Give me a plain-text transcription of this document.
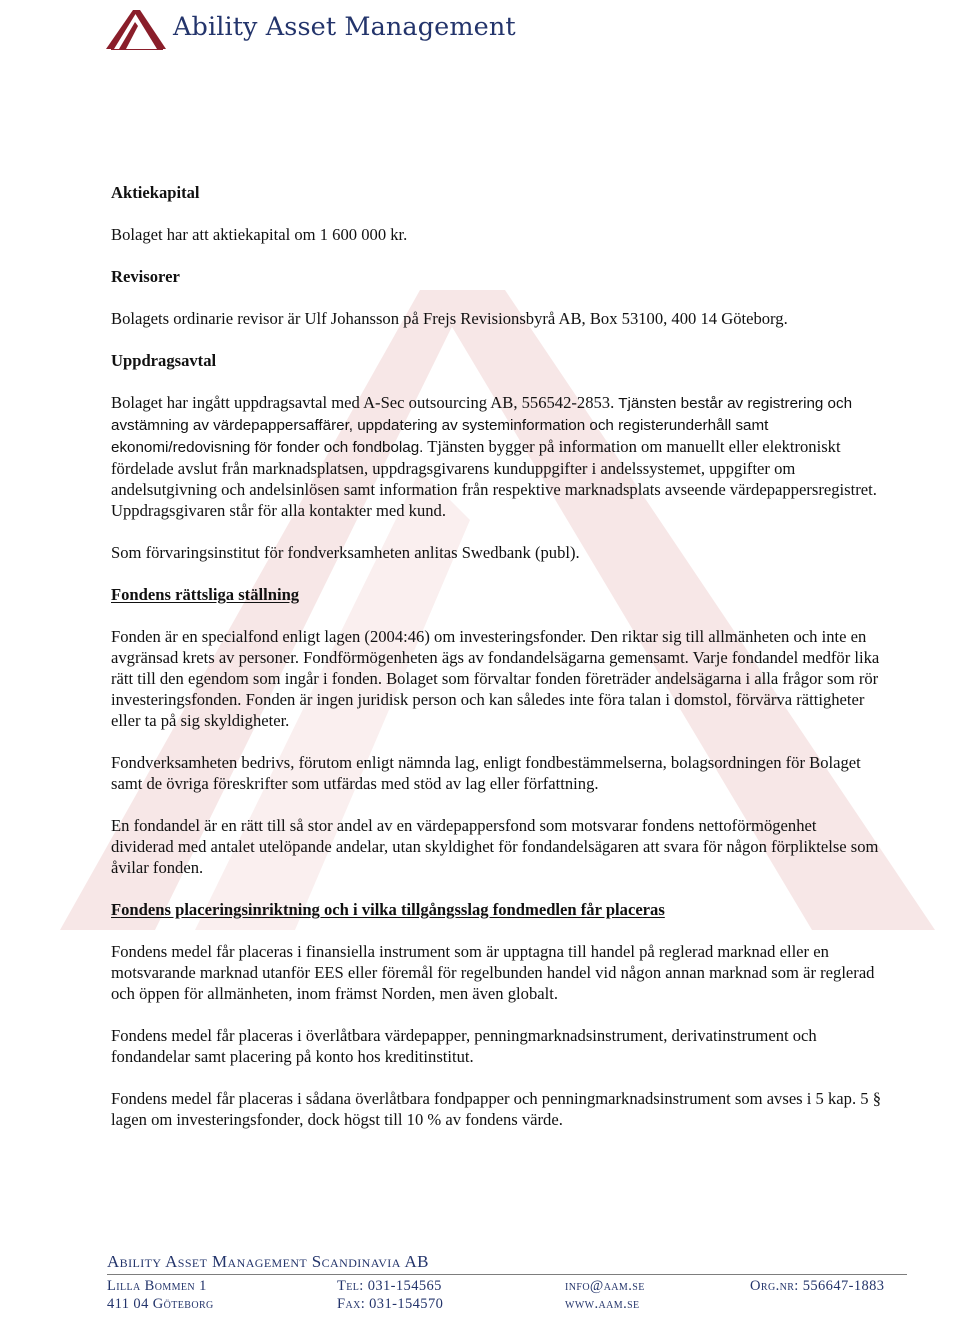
Ability Asset Management
Aktiekapital

Bolaget har att aktiekapital om 1 600 000 kr.

Revisorer

Bolagets ordinarie revisor är Ulf Johansson på Frejs Revisionsbyrå AB, Box 53100, 400 14 Göteborg.

Uppdragsavtal

Bolaget har ingått uppdragsavtal med A-Sec outsourcing AB, 556542-2853. Tjänsten består av registrering och avstämning av värdepappersaffärer, uppdatering av systeminformation och registerunderhåll samt ekonomi/redovisning för fonder och fondbolag. Tjänsten bygger på information om manuellt eller elektroniskt fördelade avslut från marknadsplatsen, uppdragsgivarens kunduppgifter i andelssystemet, uppgifter om andelsutgivning och andelsinlösen samt information från respektive marknadsplats avseende värdepappersregistret. Uppdragsgivaren står för alla kontakter med kund.

Som förvaringsinstitut för fondverksamheten anlitas Swedbank (publ).

Fondens rättsliga ställning

Fonden är en specialfond enligt lagen (2004:46) om investeringsfonder. Den riktar sig till allmänheten och inte en avgränsad krets av personer. Fondförmögenheten ägs av fondandelsägarna gemensamt. Varje fondandel medför lika rätt till den egendom som ingår i fonden. Bolaget som förvaltar fonden företräder andelsägarna i alla frågor som rör investeringsfonden. Fonden är ingen juridisk person och kan således inte föra talan i domstol, förvärva rättigheter eller ta på sig skyldigheter.

Fondverksamheten bedrivs, förutom enligt nämnda lag, enligt fondbestämmelserna, bolagsordningen för Bolaget samt de övriga föreskrifter som utfärdas med stöd av lag eller författning.

En fondandel är en rätt till så stor andel av en värdepappersfond som motsvarar fondens nettoförmögenhet dividerad med antalet utelöpande andelar, utan skyldighet för fondandelsägaren att svara för någon förpliktelse som åvilar fonden.

Fondens placeringsinriktning och i vilka tillgångsslag fondmedlen får placeras

Fondens medel får placeras i finansiella instrument som är upptagna till handel på reglerad marknad eller en motsvarande marknad utanför EES eller föremål för regelbunden handel vid någon annan marknad som är reglerad och öppen för allmänheten, inom främst Norden, men även globalt.

Fondens medel får placeras i överlåtbara värdepapper, penningmarknadsinstrument, derivatinstrument och fondandelar samt placering på konto hos kreditinstitut.

Fondens medel får placeras i sådana överlåtbara fondpapper och penningmarknadsinstrument som avses i 5 kap. 5 § lagen om investeringsfonder, dock högst till 10 % av fondens värde.

Ability Asset Management Scandinavia AB
Lilla Bommen 1
411 04 Göteborg
Tel: 031-154565
Fax: 031-154570
info@aam.se
www.aam.se
Org.nr: 556647-1883
